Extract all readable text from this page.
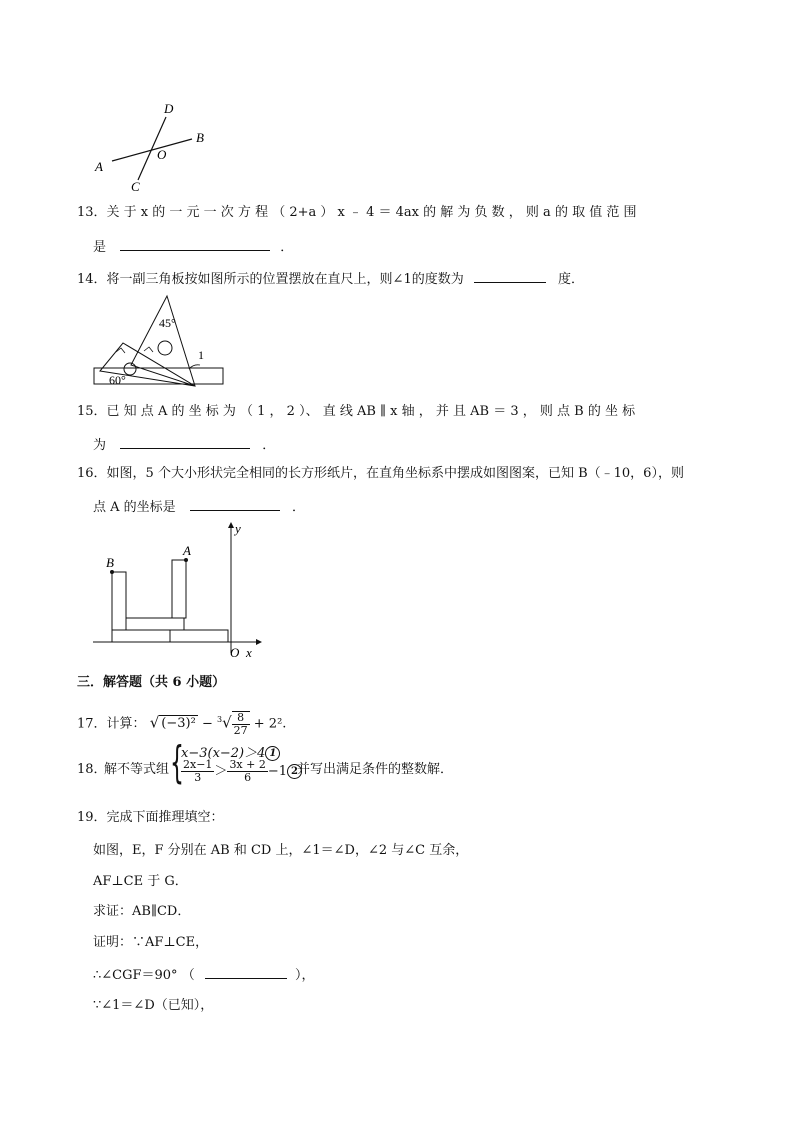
D
B
O
A
C
13．关 于 x 的 一 元 一 次 方 程 （ 2+a ） x ﹣ 4 ＝ 4ax 的 解 为 负 数 ， 则 a 的 取 值 范 围
是	．
14．将一副三角板按如图所示的位置摆放在直尺上，则∠1的度数为	度．
45°
60°
1
15．已 知 点 A 的 坐 标 为 （ 1 ， 2 ）、 直 线 AB ∥ x 轴 ， 并 且 AB ＝ 3 ， 则 点 B 的 坐 标
为	．
16．如图，5 个大小形状完全相同的长方形纸片，在直角坐标系中摆成如图图案，已知 B（﹣10，6），则
点 A 的坐标是	．
B
A
O x
y
三．解答题（共 6 小题）
17．计算： √ $(-3)^2 - ^3√ \frac{8}{27} + 2^2$.
18．
解不等式组 {
x−3(x−2)＞4 1
$\frac{2x-1}{3} > \frac{3x + 2}{6} -1$ 2
并写出满足条件的整数解．
19．完成下面推理填空：
如图，E，F 分别在 AB 和 CD 上，∠1＝∠D，∠2 与∠C 互余，
AF⊥CE 于 G．
求证：AB∥CD．
证明：∵AF⊥CE，
∴∠CGF＝90° （	），
∵∠1＝∠D（已知），
